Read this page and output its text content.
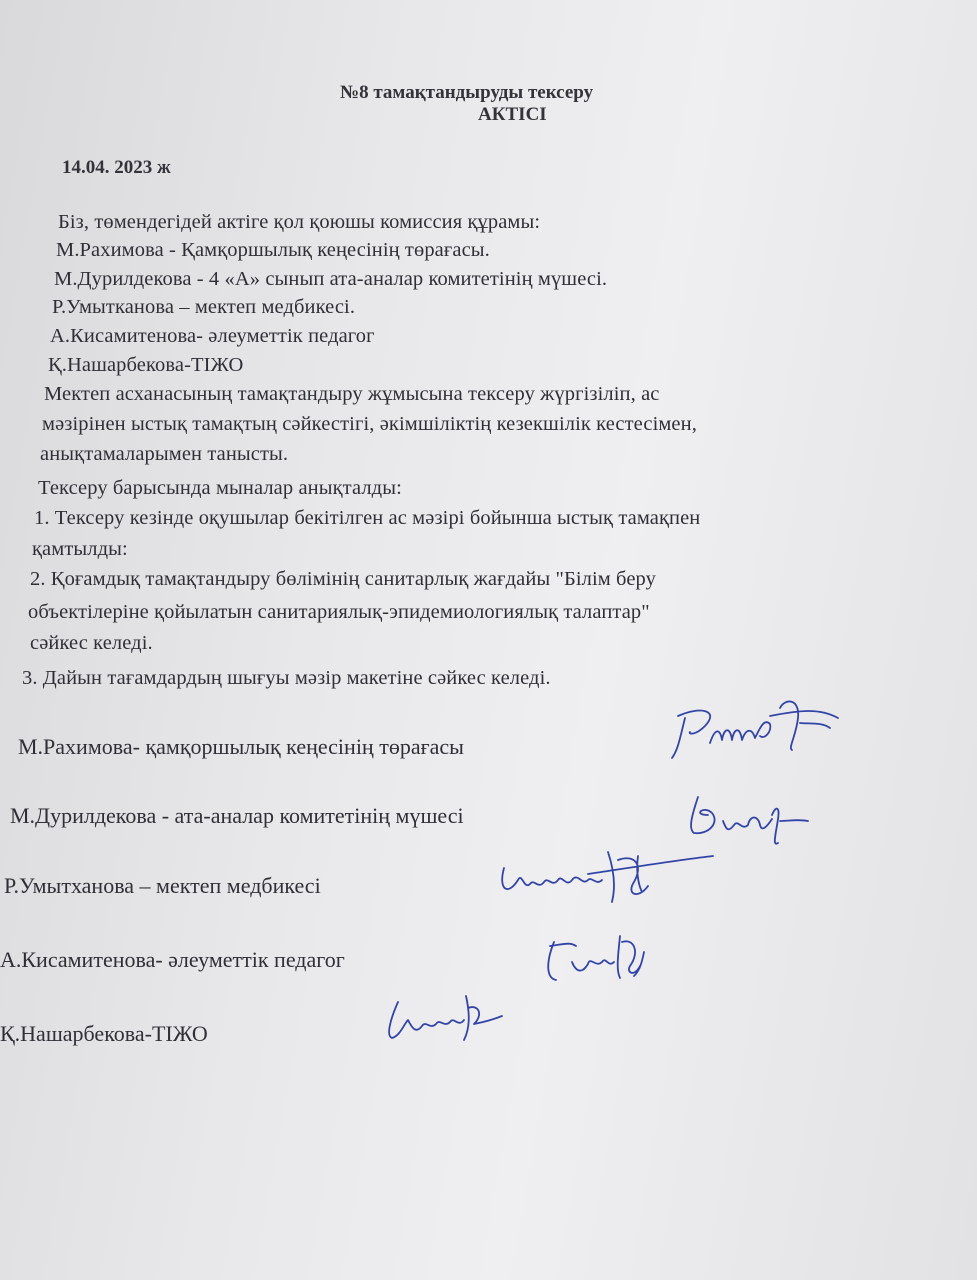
№8 тамақтандыруды тексеру
АКТІСІ
14.04. 2023 ж
Біз, төмендегідей актіге қол қоюшы комиссия құрамы:
М.Рахимова - Қамқоршылық кеңесінің төрағасы.
М.Дурилдекова - 4 «А» сынып ата-аналар комитетінің мүшесі.
Р.Умытканова – мектеп медбикесі.
А.Кисамитенова- әлеуметтік педагог
Қ.Нашарбекова-ТІЖО
Мектеп асханасының тамақтандыру жұмысына тексеру жүргізіліп, ас
мәзірінен ыстық тамақтың сәйкестігі, әкімшіліктің кезекшілік кестесімен,
анықтамаларымен танысты.
Тексеру барысында мыналар анықталды:
1. Тексеру кезінде оқушылар бекітілген ас мәзірі бойынша ыстық тамақпен
қамтылды:
2. Қоғамдық тамақтандыру бөлімінің санитарлық жағдайы "Білім беру
объектілеріне қойылатын санитариялық-эпидемиологиялық талаптар"
сәйкес келеді.
3. Дайын тағамдардың шығуы мәзір макетіне сәйкес келеді.
М.Рахимова- қамқоршылық кеңесінің төрағасы
М.Дурилдекова - ата-аналар комитетінің мүшесі
Р.Умытханова – мектеп медбикесі
А.Кисамитенова- әлеуметтік педагог
Қ.Нашарбекова-ТІЖО
